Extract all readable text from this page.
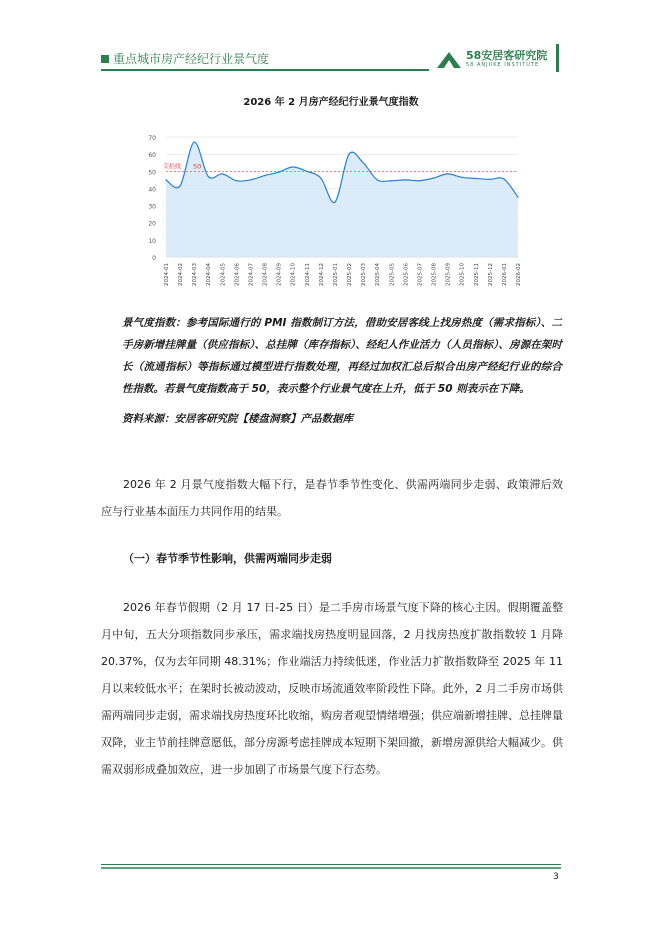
重点城市房产经纪行业景气度	58安居客研究院
58 ANJUKE INSTITUTE
2026 年 2 月房产经纪行业景气度指数
0
10
20
30
40
50
60
70
荣枯线 50
2024-01 2024-02 2024-03 2024-04 2024-05 2024-06 2024-07 2024-08 2024-09 2024-10 2024-11 2024-12 2025-01 2025-02 2025-03 2025-04 2025-05 2025-06 2025-07 2025-08 2025-09 2025-10 2025-11 2025-12 2026-01 2026-02
景气度指数：参考国际通行的 PMI 指数制订方法，借助安居客线上找房热度（需求指标）、二手房新增挂牌量（供应指标）、总挂牌（库存指标）、经纪人作业活力（人员指标）、房源在架时长（流通指标）等指标通过模型进行指数处理，再经过加权汇总后拟合出房产经纪行业的综合性指数。若景气度指数高于 50，表示整个行业景气度在上升，低于 50 则表示在下降。
资料来源：安居客研究院【楼盘洞察】产品数据库
2026 年 2 月景气度指数大幅下行，是春节季节性变化、供需两端同步走弱、政策滞后效应与行业基本面压力共同作用的结果。
（一）春节季节性影响，供需两端同步走弱
2026 年春节假期（2 月 17 日-25 日）是二手房市场景气度下降的核心主因。假期覆盖整月中旬，五大分项指数同步承压，需求端找房热度明显回落，2 月找房热度扩散指数较 1 月降 20.37%，仅为去年同期 48.31%；作业端活力持续低迷，作业活力扩散指数降至 2025 年 11 月以来较低水平；在架时长被动波动，反映市场流通效率阶段性下降。此外，2 月二手房市场供需两端同步走弱，需求端找房热度环比收缩，购房者观望情绪增强；供应端新增挂牌、总挂牌量双降，业主节前挂牌意愿低，部分房源考虑挂牌成本短期下架回撤，新增房源供给大幅减少。供需双弱形成叠加效应，进一步加剧了市场景气度下行态势。
3
